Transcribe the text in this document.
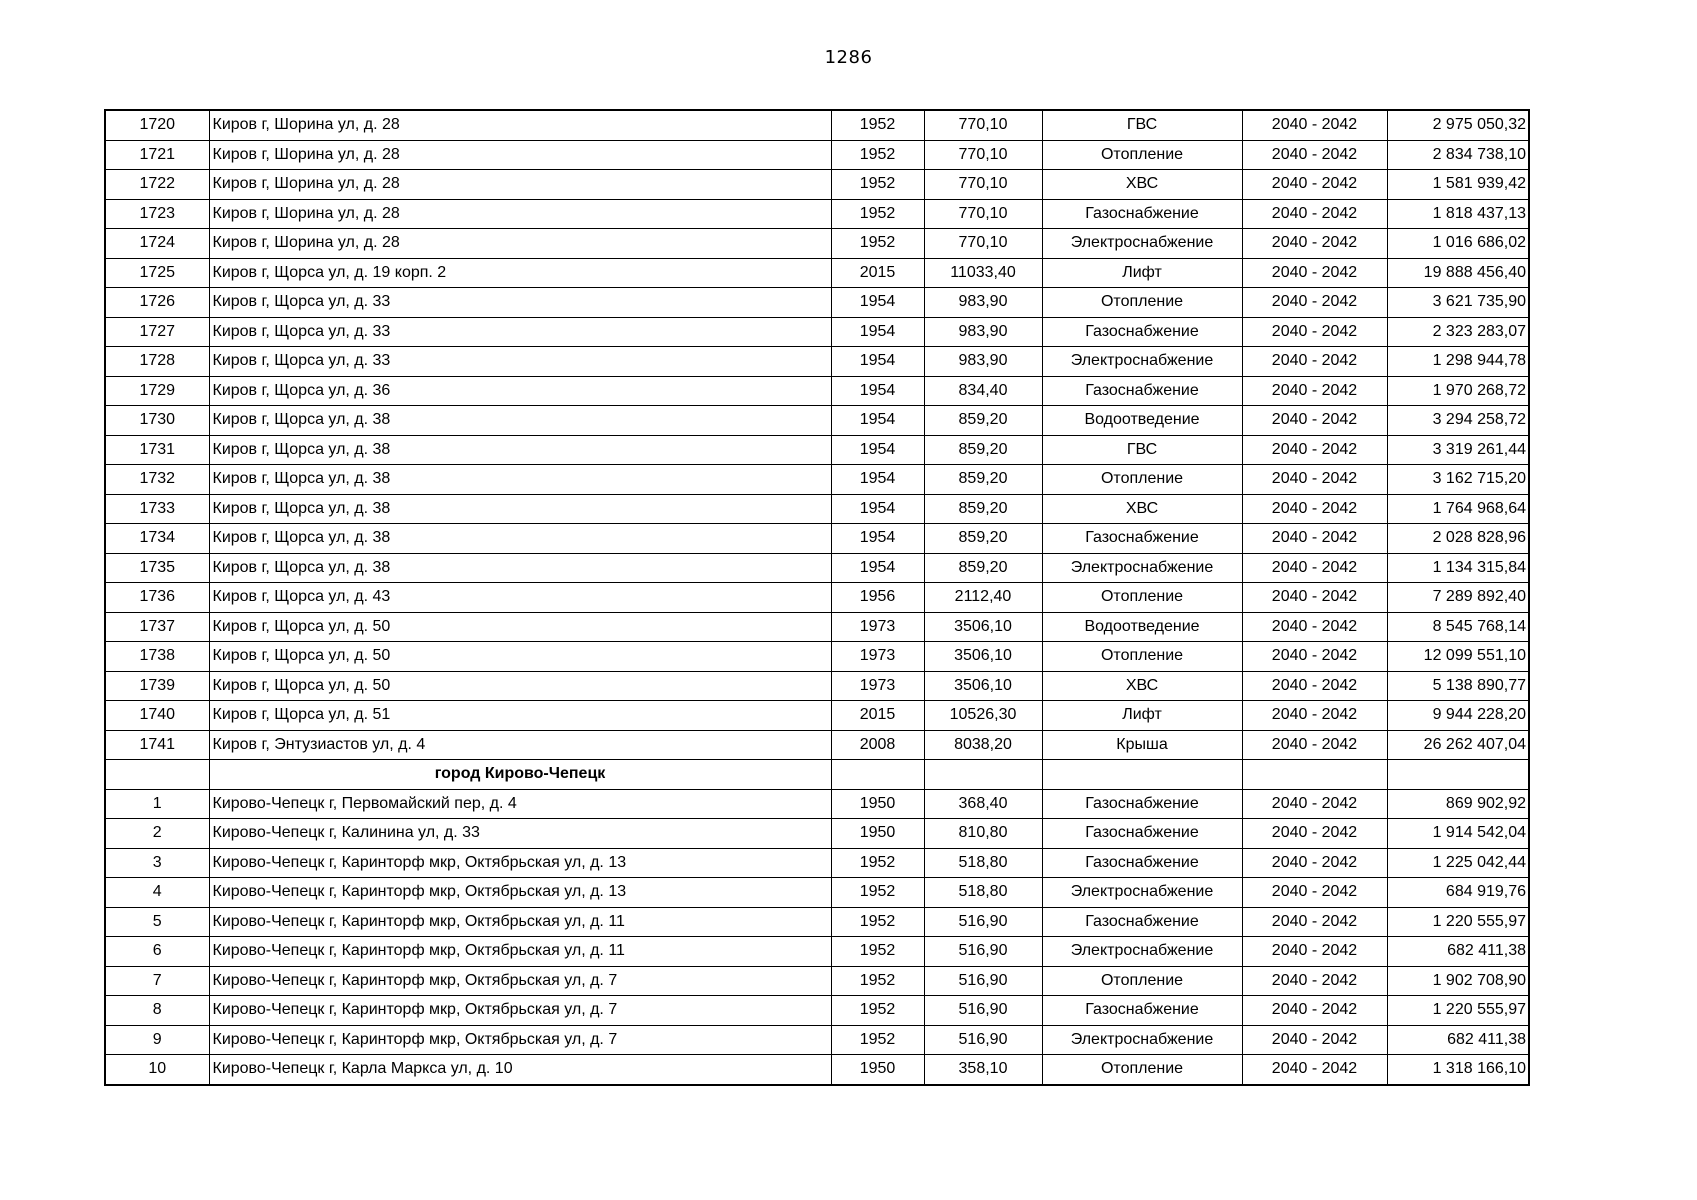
1286
1720	Киров г, Шорина ул, д. 28	1952	770,10	ГВС	2040 - 2042	2 975 050,32
1721	Киров г, Шорина ул, д. 28	1952	770,10	Отопление	2040 - 2042	2 834 738,10
1722	Киров г, Шорина ул, д. 28	1952	770,10	ХВС	2040 - 2042	1 581 939,42
1723	Киров г, Шорина ул, д. 28	1952	770,10	Газоснабжение	2040 - 2042	1 818 437,13
1724	Киров г, Шорина ул, д. 28	1952	770,10	Электроснабжение	2040 - 2042	1 016 686,02
1725	Киров г, Щорса ул, д. 19 корп. 2	2015	11033,40	Лифт	2040 - 2042	19 888 456,40
1726	Киров г, Щорса ул, д. 33	1954	983,90	Отопление	2040 - 2042	3 621 735,90
1727	Киров г, Щорса ул, д. 33	1954	983,90	Газоснабжение	2040 - 2042	2 323 283,07
1728	Киров г, Щорса ул, д. 33	1954	983,90	Электроснабжение	2040 - 2042	1 298 944,78
1729	Киров г, Щорса ул, д. 36	1954	834,40	Газоснабжение	2040 - 2042	1 970 268,72
1730	Киров г, Щорса ул, д. 38	1954	859,20	Водоотведение	2040 - 2042	3 294 258,72
1731	Киров г, Щорса ул, д. 38	1954	859,20	ГВС	2040 - 2042	3 319 261,44
1732	Киров г, Щорса ул, д. 38	1954	859,20	Отопление	2040 - 2042	3 162 715,20
1733	Киров г, Щорса ул, д. 38	1954	859,20	ХВС	2040 - 2042	1 764 968,64
1734	Киров г, Щорса ул, д. 38	1954	859,20	Газоснабжение	2040 - 2042	2 028 828,96
1735	Киров г, Щорса ул, д. 38	1954	859,20	Электроснабжение	2040 - 2042	1 134 315,84
1736	Киров г, Щорса ул, д. 43	1956	2112,40	Отопление	2040 - 2042	7 289 892,40
1737	Киров г, Щорса ул, д. 50	1973	3506,10	Водоотведение	2040 - 2042	8 545 768,14
1738	Киров г, Щорса ул, д. 50	1973	3506,10	Отопление	2040 - 2042	12 099 551,10
1739	Киров г, Щорса ул, д. 50	1973	3506,10	ХВС	2040 - 2042	5 138 890,77
1740	Киров г, Щорса ул, д. 51	2015	10526,30	Лифт	2040 - 2042	9 944 228,20
1741	Киров г, Энтузиастов ул, д. 4	2008	8038,20	Крыша	2040 - 2042	26 262 407,04
	город Кирово-Чепецк					
1	Кирово-Чепецк г, Первомайский пер, д. 4	1950	368,40	Газоснабжение	2040 - 2042	869 902,92
2	Кирово-Чепецк г, Калинина ул, д. 33	1950	810,80	Газоснабжение	2040 - 2042	1 914 542,04
3	Кирово-Чепецк г, Каринторф мкр, Октябрьская ул, д. 13	1952	518,80	Газоснабжение	2040 - 2042	1 225 042,44
4	Кирово-Чепецк г, Каринторф мкр, Октябрьская ул, д. 13	1952	518,80	Электроснабжение	2040 - 2042	684 919,76
5	Кирово-Чепецк г, Каринторф мкр, Октябрьская ул, д. 11	1952	516,90	Газоснабжение	2040 - 2042	1 220 555,97
6	Кирово-Чепецк г, Каринторф мкр, Октябрьская ул, д. 11	1952	516,90	Электроснабжение	2040 - 2042	682 411,38
7	Кирово-Чепецк г, Каринторф мкр, Октябрьская ул, д. 7	1952	516,90	Отопление	2040 - 2042	1 902 708,90
8	Кирово-Чепецк г, Каринторф мкр, Октябрьская ул, д. 7	1952	516,90	Газоснабжение	2040 - 2042	1 220 555,97
9	Кирово-Чепецк г, Каринторф мкр, Октябрьская ул, д. 7	1952	516,90	Электроснабжение	2040 - 2042	682 411,38
10	Кирово-Чепецк г, Карла Маркса ул, д. 10	1950	358,10	Отопление	2040 - 2042	1 318 166,10
